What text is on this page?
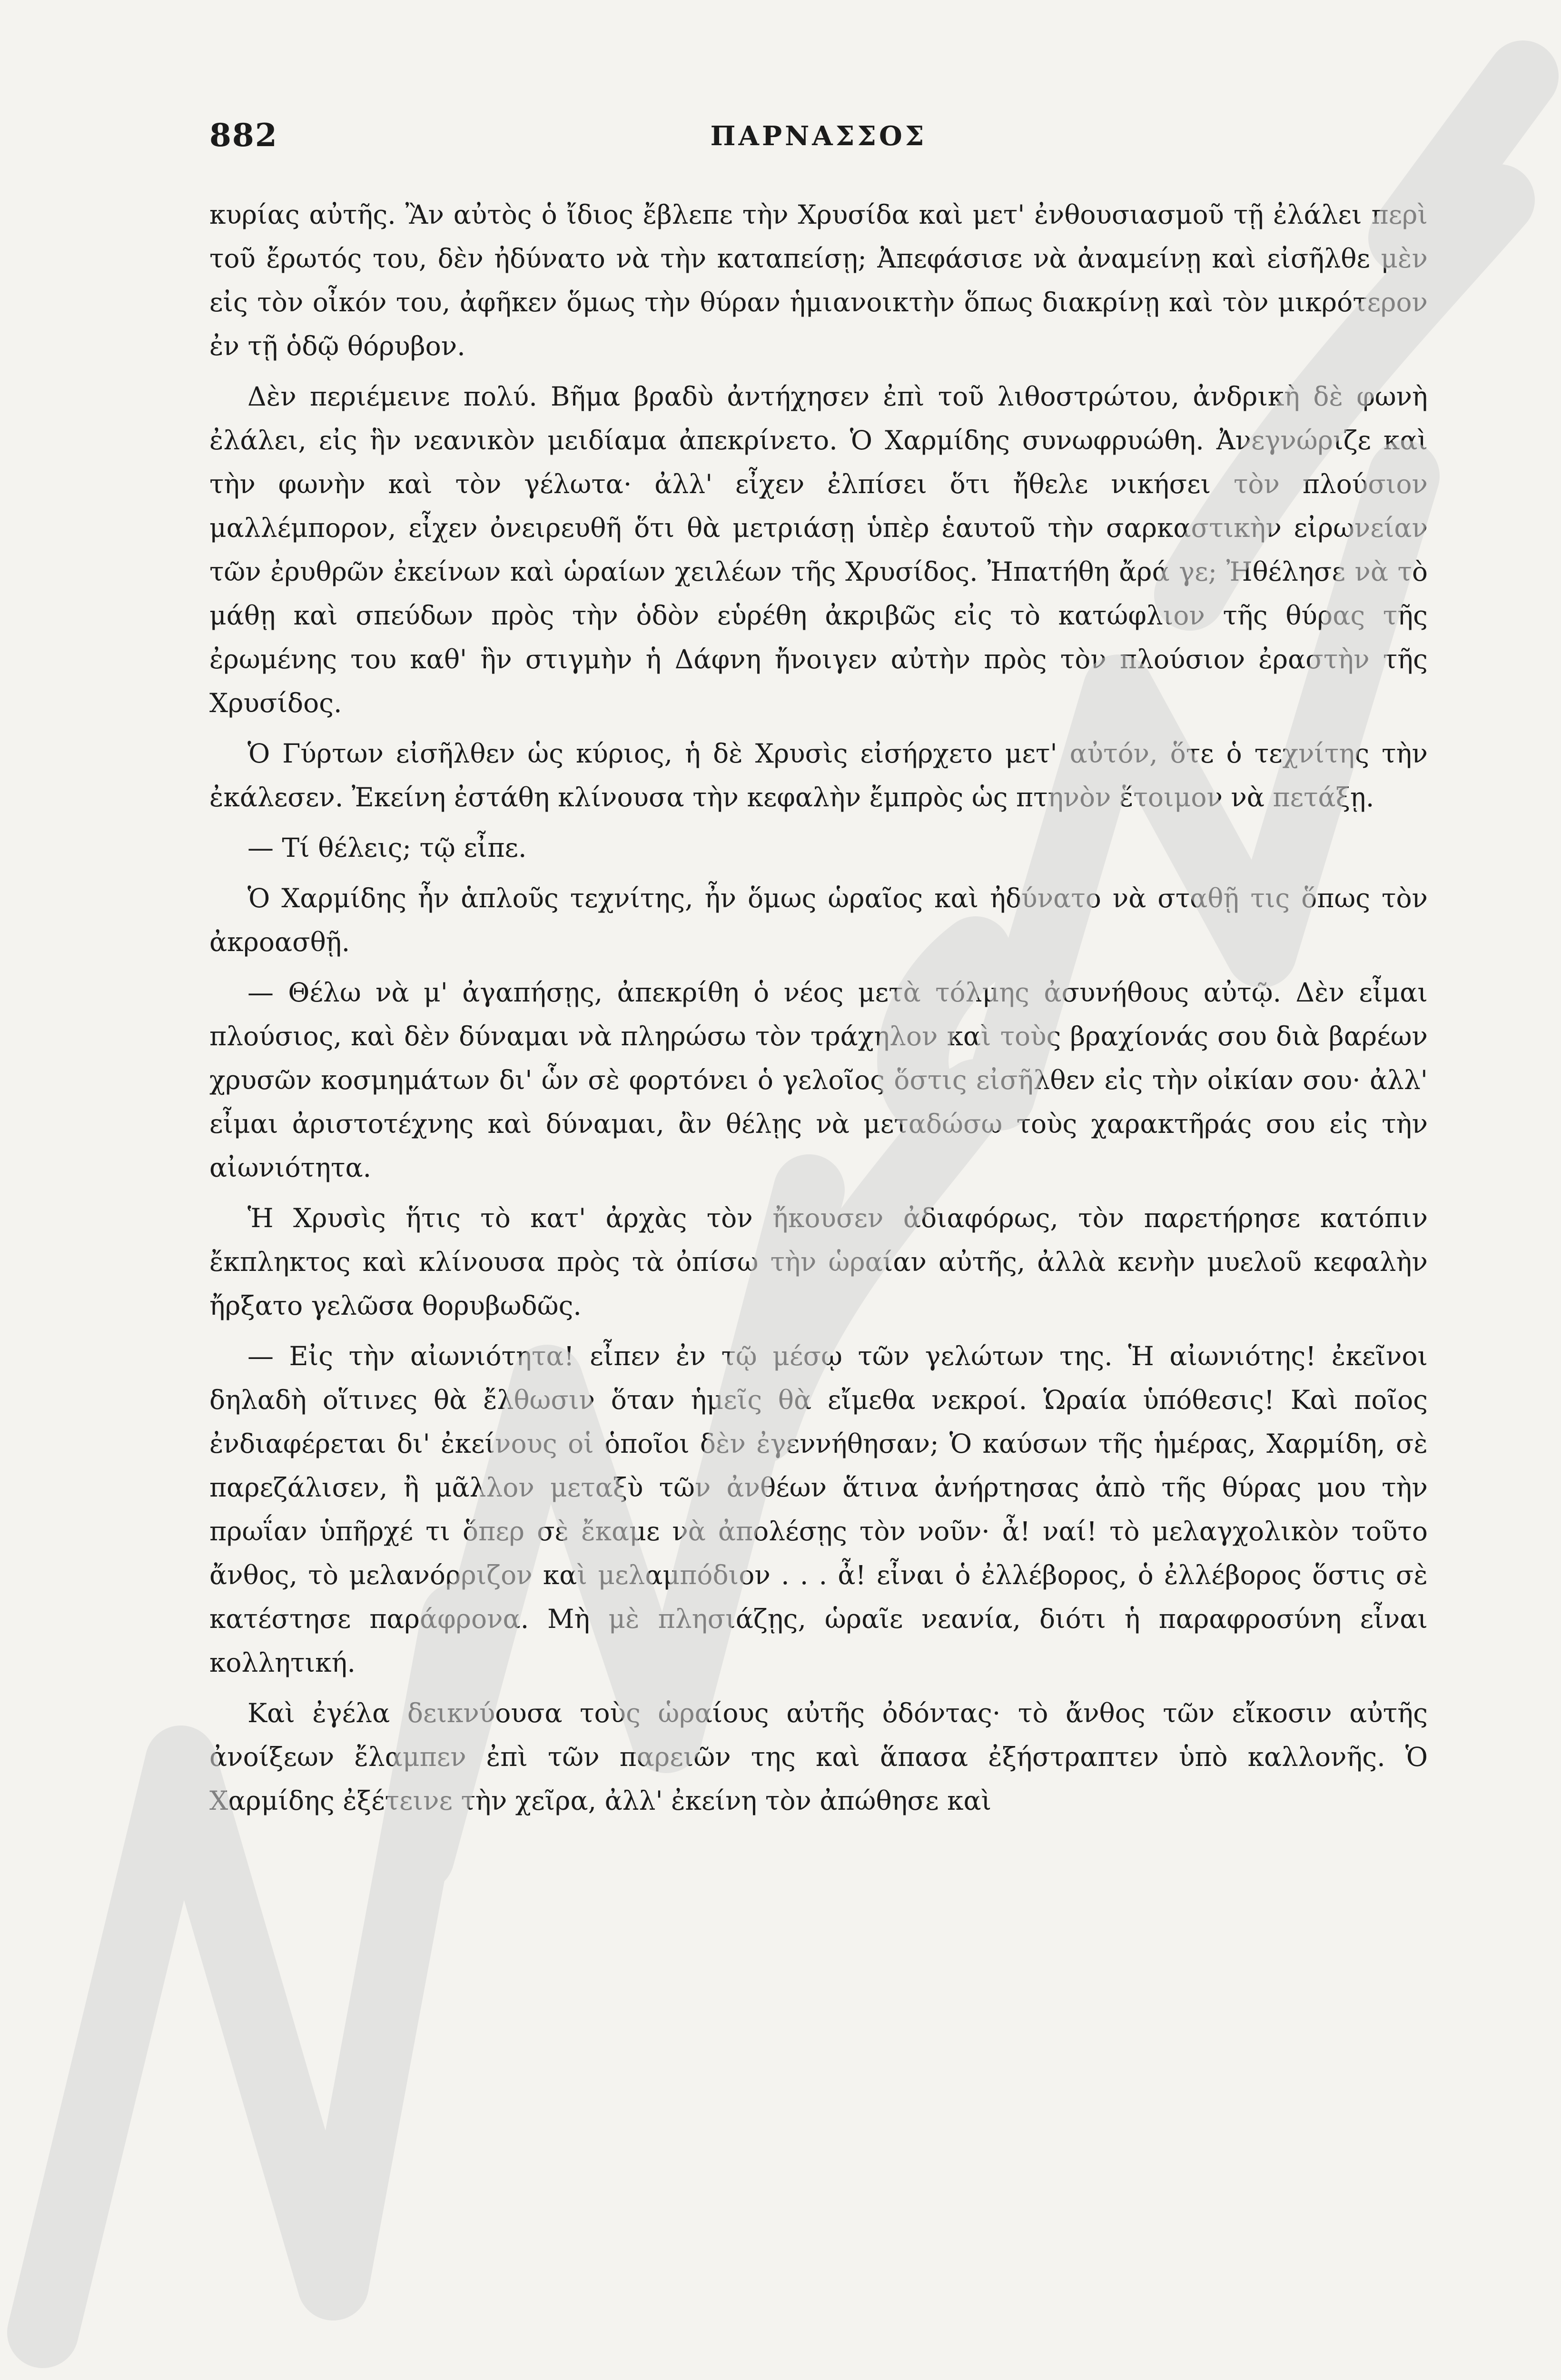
882	ΠΑΡΝΑΣΣΟΣ

κυρίας αὐτῆς. Ἂν αὐτὸς ὁ ἴδιος ἔβλεπε τὴν Χρυσίδα καὶ μετ' ἐνθουσιασμοῦ τῇ ἐλάλει περὶ τοῦ ἔρωτός του, δὲν ἠδύνατο νὰ τὴν καταπείσῃ; Ἀπεφάσισε νὰ ἀναμείνῃ καὶ εἰσῆλθε μὲν εἰς τὸν οἶκόν του, ἀφῆκεν ὅμως τὴν θύραν ἡμιανοικτὴν ὅπως διακρίνῃ καὶ τὸν μικρότερον ἐν τῇ ὁδῷ θόρυβον.

Δὲν περιέμεινε πολύ. Βῆμα βραδὺ ἀντήχησεν ἐπὶ τοῦ λιθοστρώτου, ἀνδρικὴ δὲ φωνὴ ἐλάλει, εἰς ἣν νεανικὸν μειδίαμα ἀπεκρίνετο. Ὁ Χαρμίδης συνωφρυώθη. Ἀνεγνώριζε καὶ τὴν φωνὴν καὶ τὸν γέλωτα· ἀλλ' εἶχεν ἐλπίσει ὅτι ἤθελε νικήσει τὸν πλούσιον μαλλέμπορον, εἶχεν ὀνειρευθῆ ὅτι θὰ μετριάσῃ ὑπὲρ ἑαυτοῦ τὴν σαρκαστικὴν εἰρωνείαν τῶν ἐρυθρῶν ἐκείνων καὶ ὡραίων χειλέων τῆς Χρυσίδος. Ἠπατήθη ἄρά γε; Ἠθέλησε νὰ τὸ μάθῃ καὶ σπεύδων πρὸς τὴν ὁδὸν εὑρέθη ἀκριβῶς εἰς τὸ κατώφλιον τῆς θύρας τῆς ἐρωμένης του καθ' ἣν στιγμὴν ἡ Δάφνη ἤνοιγεν αὐτὴν πρὸς τὸν πλούσιον ἐραστὴν τῆς Χρυσίδος.

Ὁ Γύρτων εἰσῆλθεν ὡς κύριος, ἡ δὲ Χρυσὶς εἰσήρχετο μετ' αὐτόν, ὅτε ὁ τεχνίτης τὴν ἐκάλεσεν. Ἐκείνη ἐστάθη κλίνουσα τὴν κεφαλὴν ἔμπρὸς ὡς πτηνὸν ἕτοιμον νὰ πετάξῃ.

— Τί θέλεις; τῷ εἶπε.

Ὁ Χαρμίδης ἦν ἁπλοῦς τεχνίτης, ἦν ὅμως ὡραῖος καὶ ἠδύνατο νὰ σταθῇ τις ὅπως τὸν ἀκροασθῇ.

— Θέλω νὰ μ' ἀγαπήσῃς, ἀπεκρίθη ὁ νέος μετὰ τόλμης ἀσυνήθους αὐτῷ. Δὲν εἶμαι πλούσιος, καὶ δὲν δύναμαι νὰ πληρώσω τὸν τράχηλον καὶ τοὺς βραχίονάς σου διὰ βαρέων χρυσῶν κοσμημάτων δι' ὧν σὲ φορτόνει ὁ γελοῖος ὅστις εἰσῆλθεν εἰς τὴν οἰκίαν σου· ἀλλ' εἶμαι ἀριστοτέχνης καὶ δύναμαι, ἂν θέλῃς νὰ μεταδώσω τοὺς χαρακτῆράς σου εἰς τὴν αἰωνιότητα.

Ἡ Χρυσὶς ἥτις τὸ κατ' ἀρχὰς τὸν ἤκουσεν ἀδιαφόρως, τὸν παρετήρησε κατόπιν ἔκπληκτος καὶ κλίνουσα πρὸς τὰ ὀπίσω τὴν ὡραίαν αὐτῆς, ἀλλὰ κενὴν μυελοῦ κεφαλὴν ἤρξατο γελῶσα θορυβωδῶς.

— Εἰς τὴν αἰωνιότητα! εἶπεν ἐν τῷ μέσῳ τῶν γελώτων της. Ἡ αἰωνιότης! ἐκεῖνοι δηλαδὴ οἵτινες θὰ ἔλθωσιν ὅταν ἡμεῖς θὰ εἴμεθα νεκροί. Ὡραία ὑπόθεσις! Καὶ ποῖος ἐνδιαφέρεται δι' ἐκείνους οἱ ὁποῖοι δὲν ἐγεννήθησαν; Ὁ καύσων τῆς ἡμέρας, Χαρμίδη, σὲ παρεζάλισεν, ἢ μᾶλλον μεταξὺ τῶν ἀνθέων ἅτινα ἀνήρτησας ἀπὸ τῆς θύρας μου τὴν πρωΐαν ὑπῆρχέ τι ὅπερ σὲ ἔκαμε νὰ ἀπολέσῃς τὸν νοῦν· ἆ! ναί! τὸ μελαγχολικὸν τοῦτο ἄνθος, τὸ μελανόρριζον καὶ μελαμπόδιον . . . ἆ! εἶναι ὁ ἐλλέβορος, ὁ ἐλλέβορος ὅστις σὲ κατέστησε παράφρονα. Μὴ μὲ πλησιάζῃς, ὡραῖε νεανία, διότι ἡ παραφροσύνη εἶναι κολλητική.

Καὶ ἐγέλα δεικνύουσα τοὺς ὡραίους αὐτῆς ὀδόντας· τὸ ἄνθος τῶν εἴκοσιν αὐτῆς ἀνοίξεων ἔλαμπεν ἐπὶ τῶν παρειῶν της καὶ ἅπασα ἐξήστραπτεν ὑπὸ καλλονῆς. Ὁ Χαρμίδης ἐξέτεινε τὴν χεῖρα, ἀλλ' ἐκείνη τὸν ἀπώθησε καὶ
